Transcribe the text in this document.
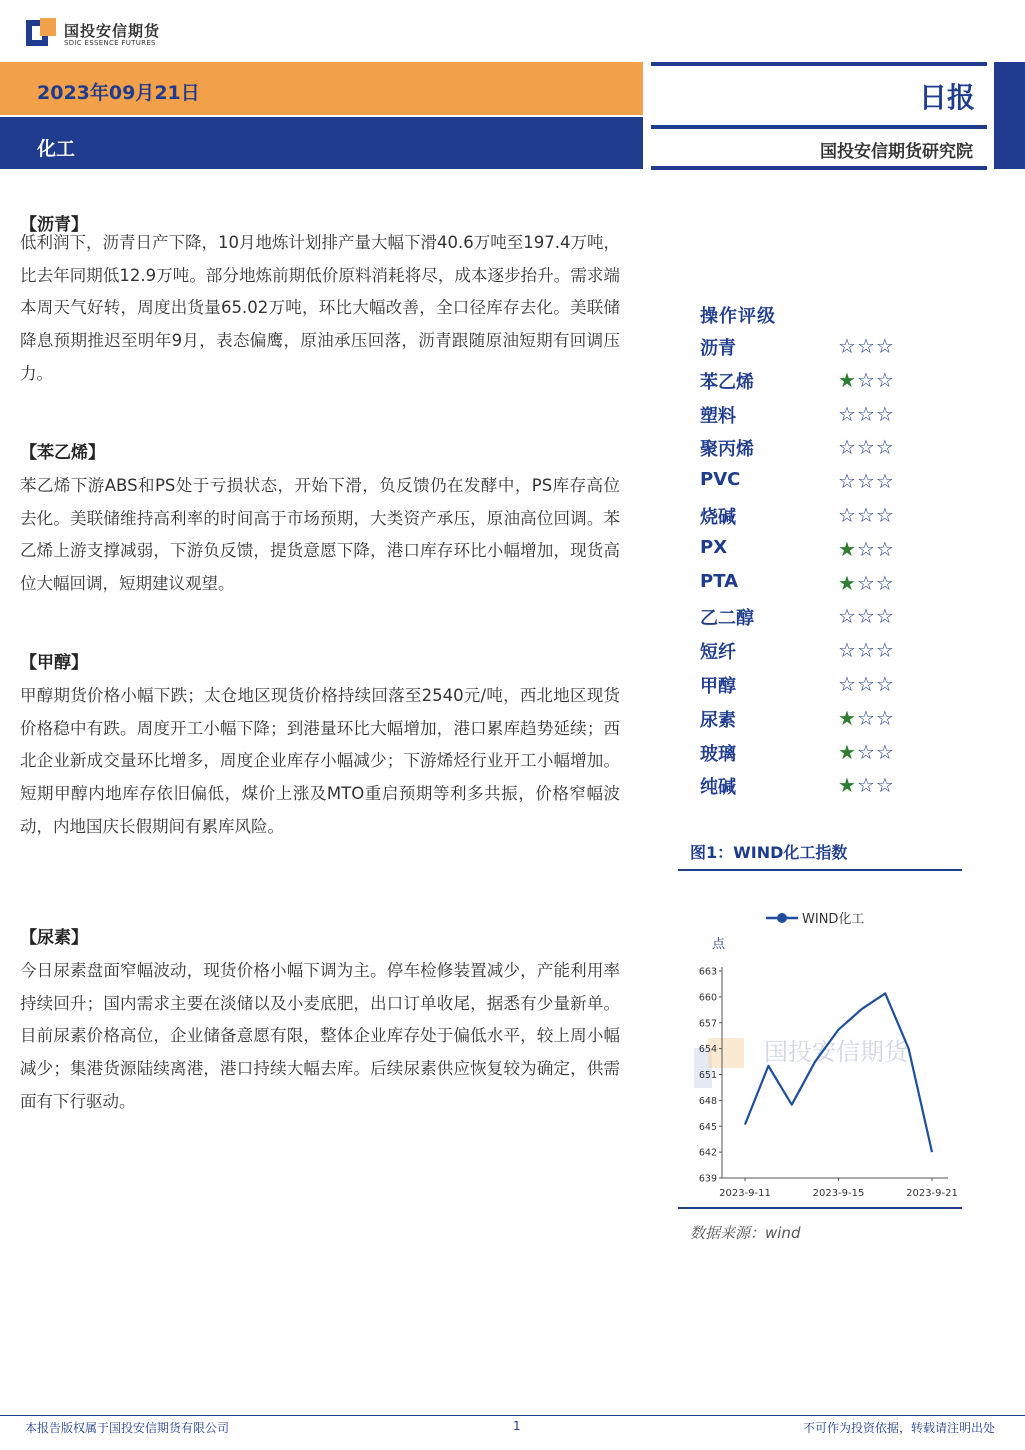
国投安信期货
SDIC ESSENCE FUTURES
2023年09月21日
化工
日报
国投安信期货研究院
【沥青】
低利润下，沥青日产下降，10月地炼计划排产量大幅下滑40.6万吨至197.4万吨，比去年同期低12.9万吨。部分地炼前期低价原料消耗将尽，成本逐步抬升。需求端本周天气好转，周度出货量65.02万吨，环比大幅改善，全口径库存去化。美联储降息预期推迟至明年9月，表态偏鹰，原油承压回落，沥青跟随原油短期有回调压力。
【苯乙烯】
苯乙烯下游ABS和PS处于亏损状态，开始下滑，负反馈仍在发酵中，PS库存高位去化。美联储维持高利率的时间高于市场预期，大类资产承压，原油高位回调。苯乙烯上游支撑减弱，下游负反馈，提货意愿下降，港口库存环比小幅增加，现货高位大幅回调，短期建议观望。
【甲醇】
甲醇期货价格小幅下跌；太仓地区现货价格持续回落至2540元/吨，西北地区现货价格稳中有跌。周度开工小幅下降；到港量环比大幅增加，港口累库趋势延续；西北企业新成交量环比增多，周度企业库存小幅减少；下游烯烃行业开工小幅增加。短期甲醇内地库存依旧偏低，煤价上涨及MTO重启预期等利多共振，价格窄幅波动，内地国庆长假期间有累库风险。
【尿素】
今日尿素盘面窄幅波动，现货价格小幅下调为主。停车检修装置减少，产能利用率持续回升；国内需求主要在淡储以及小麦底肥，出口订单收尾，据悉有少量新单。目前尿素价格高位，企业储备意愿有限，整体企业库存处于偏低水平，较上周小幅减少；集港货源陆续离港，港口持续大幅去库。后续尿素供应恢复较为确定，供需面有下行驱动。
操作评级
沥青	☆☆☆
苯乙烯	★☆☆
塑料	☆☆☆
聚丙烯	☆☆☆
PVC	☆☆☆
烧碱	☆☆☆
PX	★☆☆
PTA	★☆☆
乙二醇	☆☆☆
短纤	☆☆☆
甲醇	☆☆☆
尿素	★☆☆
玻璃	★☆☆
纯碱	★☆☆
图1：WIND化工指数
国投安信期货
WIND化工
点
639
642
645
648
651
654
657
660
663
2023-9-11	2023-9-15	2023-9-21
数据来源：wind
本报告版权属于国投安信期货有限公司	1	不可作为投资依据，转载请注明出处
